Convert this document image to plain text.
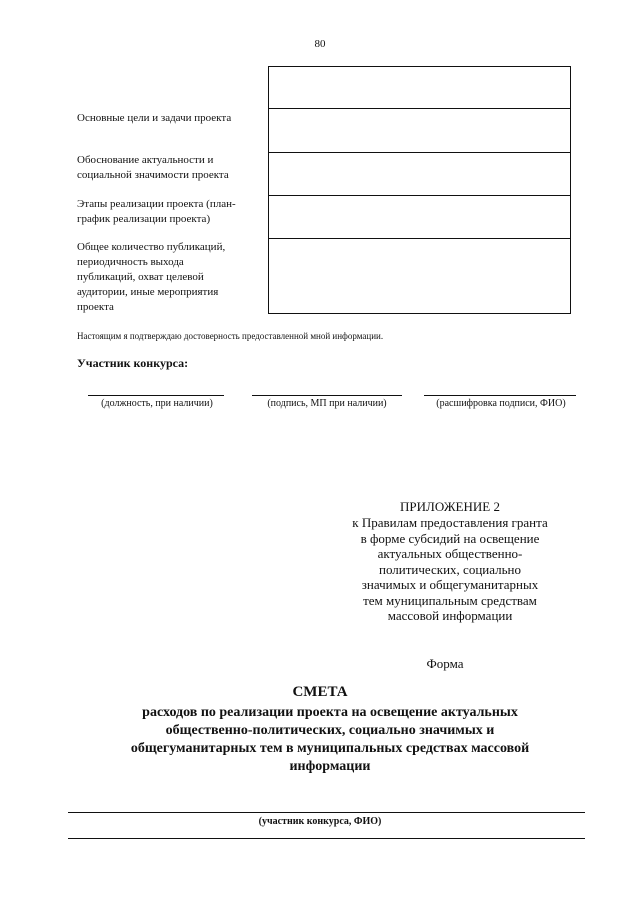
80
Основные цели и задачи проекта
Обоснование актуальности и
социальной значимости проекта
Этапы реализации проекта (план-
график реализации проекта)
Общее количество публикаций,
периодичность выхода
публикаций, охват целевой
аудитории, иные мероприятия
проекта
Настоящим я подтверждаю достоверность предоставленной мной информации.
Участник конкурса:
(должность, при наличии)	(подпись, МП при наличии)	(расшифровка подписи, ФИО)
ПРИЛОЖЕНИЕ 2
к Правилам предоставления гранта
в форме субсидий на освещение
актуальных общественно-
политических, социально
значимых и общегуманитарных
тем муниципальным средствам
массовой информации
Форма
СМЕТА
расходов по реализации проекта на освещение актуальных
общественно-политических, социально значимых и
общегуманитарных тем в муниципальных средствах массовой
информации
(участник конкурса, ФИО)
